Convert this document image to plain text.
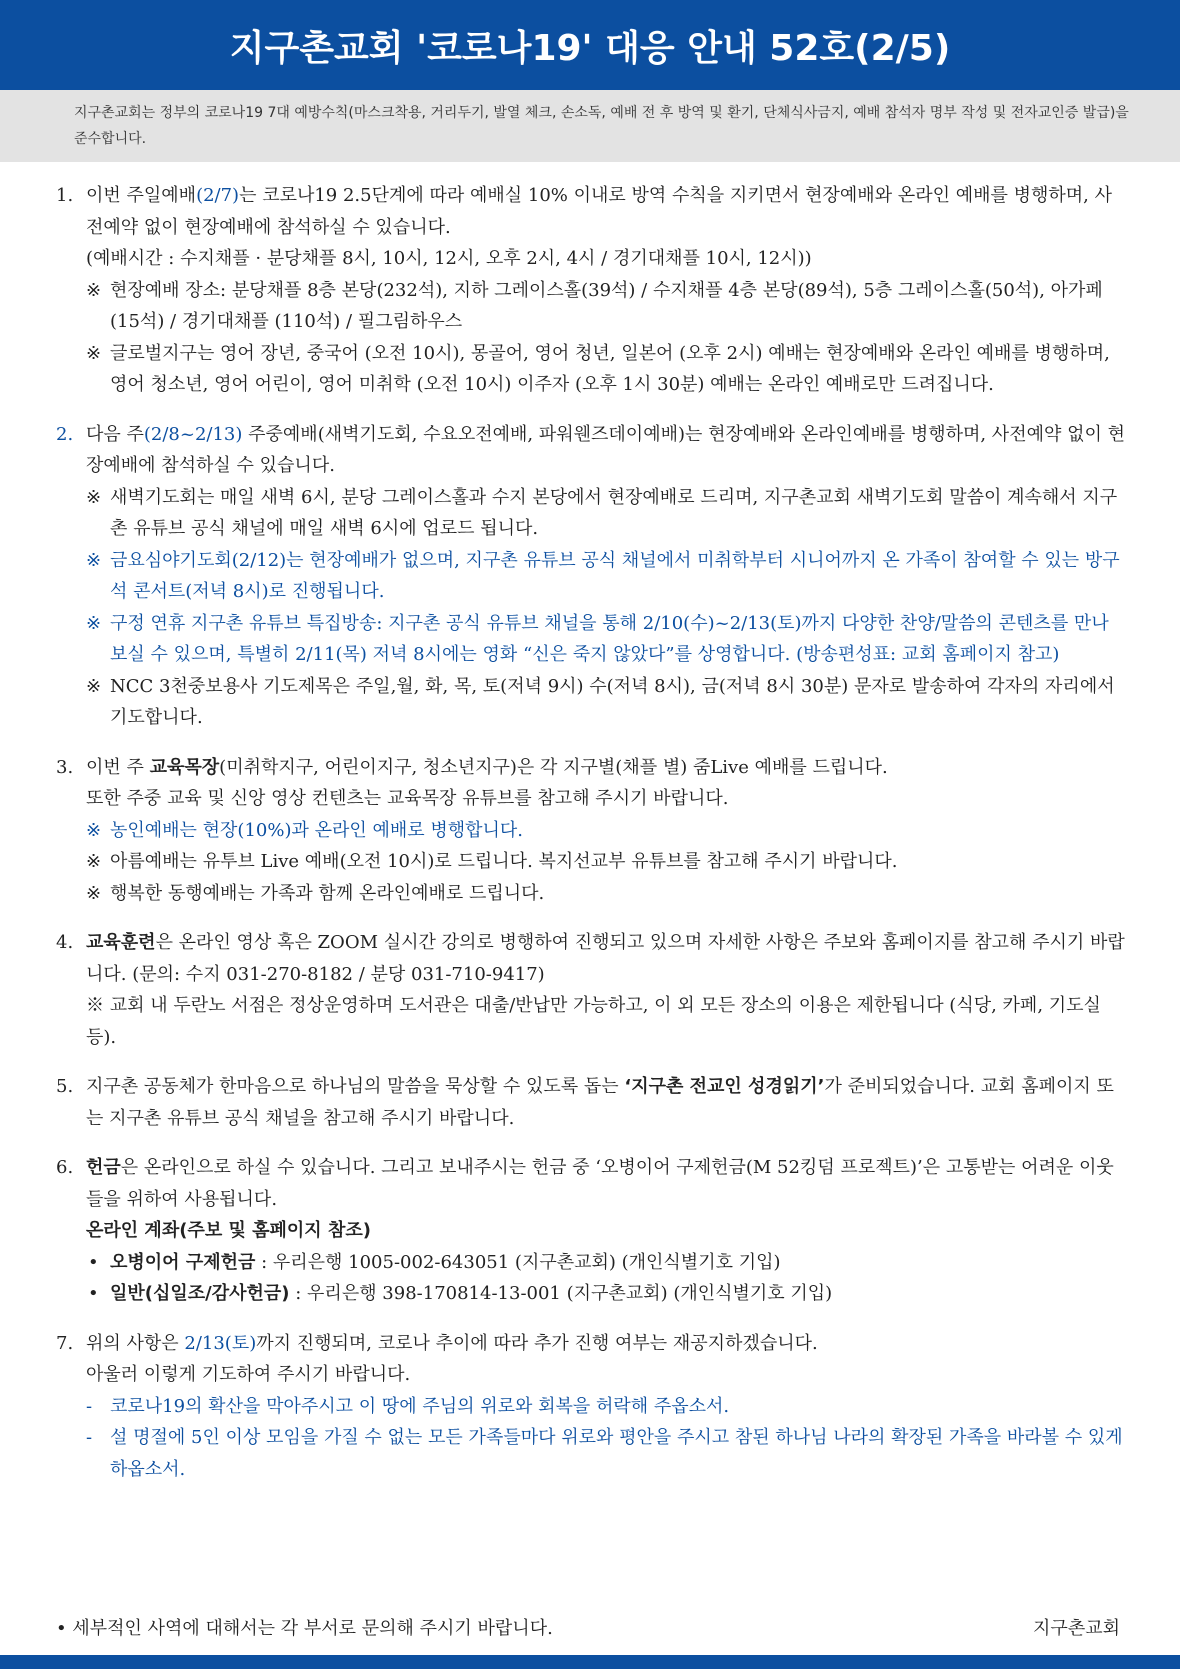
지구촌교회 '코로나19' 대응 안내 52호(2/5)
지구촌교회는 정부의 코로나19 7대 예방수칙(마스크착용, 거리두기, 발열 체크, 손소독, 예배 전 후 방역 및 환기, 단체식사금지, 예배 참석자 명부 작성 및 전자교인증 발급)을 준수합니다.
1. 이번 주일예배(2/7)는 코로나19 2.5단계에 따라 예배실 10% 이내로 방역 수칙을 지키면서 현장예배와 온라인 예배를 병행하며, 사전예약 없이 현장예배에 참석하실 수 있습니다.
(예배시간 : 수지채플 · 분당채플 8시, 10시, 12시, 오후 2시, 4시 / 경기대채플 10시, 12시))
※ 현장예배 장소: 분당채플 8층 본당(232석), 지하 그레이스홀(39석) / 수지채플 4층 본당(89석), 5층 그레이스홀(50석), 아가페(15석) / 경기대채플 (110석) / 필그림하우스
※ 글로벌지구는 영어 장년, 중국어 (오전 10시), 몽골어, 영어 청년, 일본어 (오후 2시) 예배는 현장예배와 온라인 예배를 병행하며, 영어 청소년, 영어 어린이, 영어 미취학 (오전 10시) 이주자 (오후 1시 30분) 예배는 온라인 예배로만 드려집니다.
2. 다음 주(2/8~2/13) 주중예배(새벽기도회, 수요오전예배, 파워웬즈데이예배)는 현장예배와 온라인예배를 병행하며, 사전예약 없이 현장예배에 참석하실 수 있습니다.
※ 새벽기도회는 매일 새벽 6시, 분당 그레이스홀과 수지 본당에서 현장예배로 드리며, 지구촌교회 새벽기도회 말씀이 계속해서 지구촌 유튜브 공식 채널에 매일 새벽 6시에 업로드 됩니다.
※ 금요심야기도회(2/12)는 현장예배가 없으며, 지구촌 유튜브 공식 채널에서 미취학부터 시니어까지 온 가족이 참여할 수 있는 방구석 콘서트(저녁 8시)로 진행됩니다.
※ 구정 연휴 지구촌 유튜브 특집방송: 지구촌 공식 유튜브 채널을 통해 2/10(수)~2/13(토)까지 다양한 찬양/말씀의 콘텐츠를 만나보실 수 있으며, 특별히 2/11(목) 저녁 8시에는 영화 “신은 죽지 않았다”를 상영합니다. (방송편성표: 교회 홈페이지 참고)
※ NCC 3천중보용사 기도제목은 주일,월, 화, 목, 토(저녁 9시) 수(저녁 8시), 금(저녁 8시 30분) 문자로 발송하여 각자의 자리에서 기도합니다.
3. 이번 주 교육목장(미취학지구, 어린이지구, 청소년지구)은 각 지구별(채플 별) 줌Live 예배를 드립니다.
또한 주중 교육 및 신앙 영상 컨텐츠는 교육목장 유튜브를 참고해 주시기 바랍니다.
※ 농인예배는 현장(10%)과 온라인 예배로 병행합니다.
※ 아름예배는 유투브 Live 예배(오전 10시)로 드립니다. 복지선교부 유튜브를 참고해 주시기 바랍니다.
※ 행복한 동행예배는 가족과 함께 온라인예배로 드립니다.
4. 교육훈련은 온라인 영상 혹은 ZOOM 실시간 강의로 병행하여 진행되고 있으며 자세한 사항은 주보와 홈페이지를 참고해 주시기 바랍니다. (문의: 수지 031-270-8182 / 분당 031-710-9417)
※ 교회 내 두란노 서점은 정상운영하며 도서관은 대출/반납만 가능하고, 이 외 모든 장소의 이용은 제한됩니다 (식당, 카페, 기도실 등).
5. 지구촌 공동체가 한마음으로 하나님의 말씀을 묵상할 수 있도록 돕는 ‘지구촌 전교인 성경읽기’가 준비되었습니다. 교회 홈페이지 또는 지구촌 유튜브 공식 채널을 참고해 주시기 바랍니다.
6. 헌금은 온라인으로 하실 수 있습니다. 그리고 보내주시는 헌금 중 ‘오병이어 구제헌금(M 52킹덤 프로젝트)’은 고통받는 어려운 이웃들을 위하여 사용됩니다.
온라인 계좌(주보 및 홈페이지 참조)
• 오병이어 구제헌금 : 우리은행 1005-002-643051 (지구촌교회) (개인식별기호 기입)
• 일반(십일조/감사헌금) : 우리은행 398-170814-13-001 (지구촌교회) (개인식별기호 기입)
7. 위의 사항은 2/13(토)까지 진행되며, 코로나 추이에 따라 추가 진행 여부는 재공지하겠습니다.
아울러 이렇게 기도하여 주시기 바랍니다.
- 코로나19의 확산을 막아주시고 이 땅에 주님의 위로와 회복을 허락해 주옵소서.
- 설 명절에 5인 이상 모임을 가질 수 없는 모든 가족들마다 위로와 평안을 주시고 참된 하나님 나라의 확장된 가족을 바라볼 수 있게 하옵소서.
• 세부적인 사역에 대해서는 각 부서로 문의해 주시기 바랍니다.	지구촌교회
